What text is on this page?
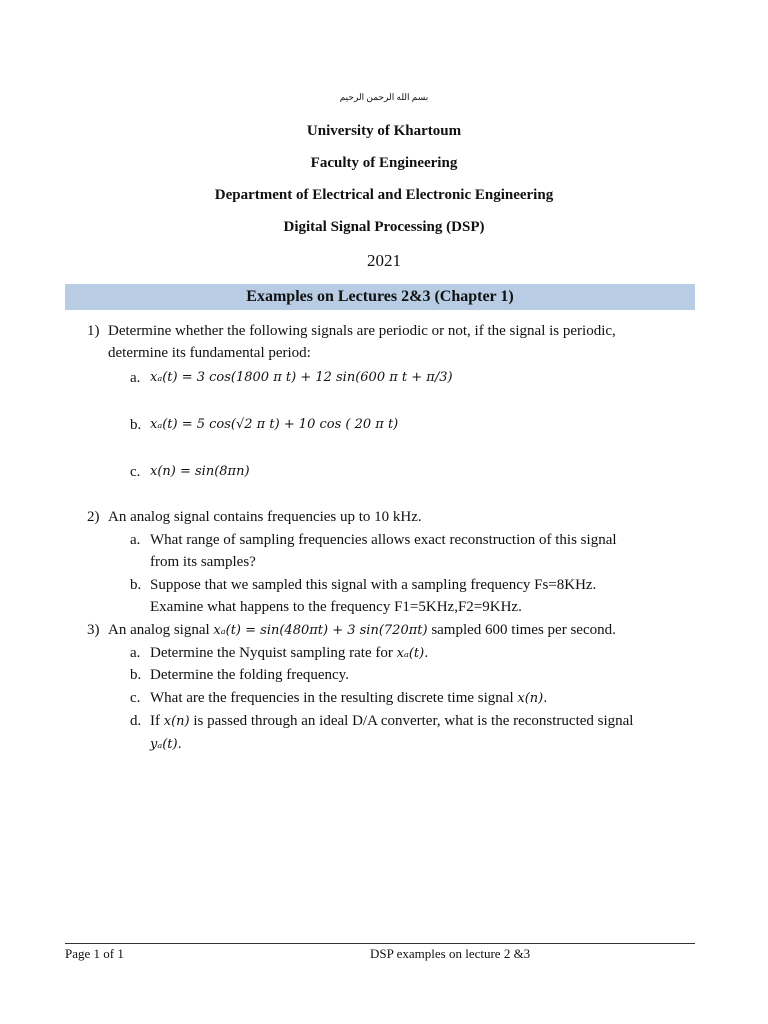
بسم الله الرحمن الرحيم
University of Khartoum
Faculty of Engineering
Department of Electrical and Electronic Engineering
Digital Signal Processing (DSP)
2021
Examples on Lectures 2&3 (Chapter 1)
1) Determine whether the following signals are periodic or not, if the signal is periodic,
determine its fundamental period:
a. xₐ(t) = 3 cos(1800 π t) + 12 sin(600 π t + π/3)
b. xₐ(t) = 5 cos(√2 π t) + 10 cos ( 20 π t)
c. x(n) = sin(8πn)
2) An analog signal contains frequencies up to 10 kHz.
a. What range of sampling frequencies allows exact reconstruction of this signal
from its samples?
b. Suppose that we sampled this signal with a sampling frequency Fs=8KHz.
Examine what happens to the frequency F1=5KHz,F2=9KHz.
3) An analog signal xₐ(t) = sin(480πt) + 3 sin(720πt) sampled 600 times per second.
a. Determine the Nyquist sampling rate for xₐ(t).
b. Determine the folding frequency.
c. What are the frequencies in the resulting discrete time signal x(n).
d. If x(n) is passed through an ideal D/A converter, what is the reconstructed signal
yₐ(t).
Page 1 of 1	DSP examples on lecture 2 &3
